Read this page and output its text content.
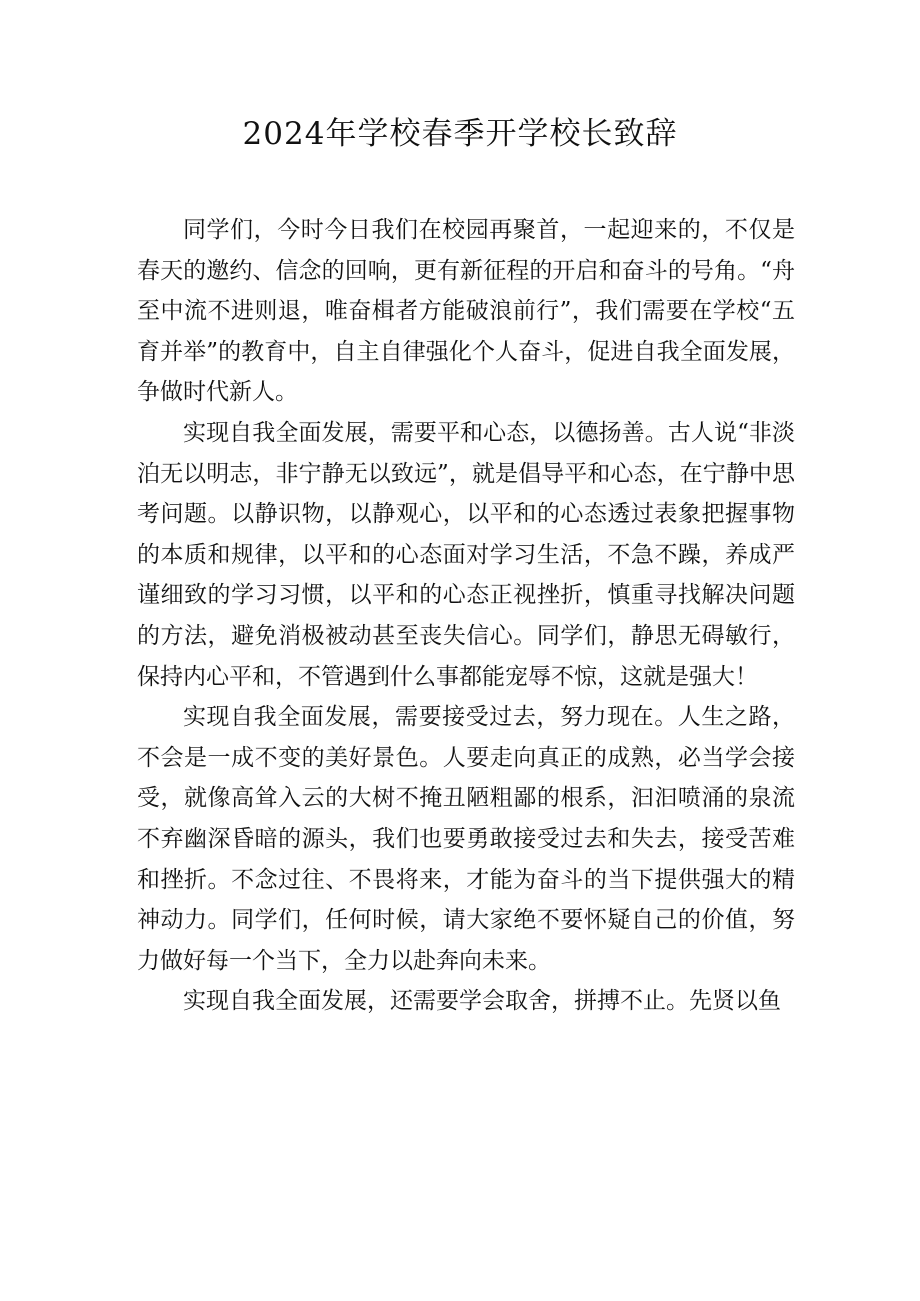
2024年学校春季开学校长致辞

同学们，今时今日我们在校园再聚首，一起迎来的，不仅是春天的邀约、信念的回响，更有新征程的开启和奋斗的号角。“舟至中流不进则退，唯奋楫者方能破浪前行”，我们需要在学校“五育并举”的教育中，自主自律强化个人奋斗，促进自我全面发展，争做时代新人。

实现自我全面发展，需要平和心态，以德扬善。古人说“非淡泊无以明志，非宁静无以致远”，就是倡导平和心态，在宁静中思考问题。以静识物，以静观心，以平和的心态透过表象把握事物的本质和规律，以平和的心态面对学习生活，不急不躁，养成严谨细致的学习习惯，以平和的心态正视挫折，慎重寻找解决问题的方法，避免消极被动甚至丧失信心。同学们，静思无碍敏行，保持内心平和，不管遇到什么事都能宠辱不惊，这就是强大！

实现自我全面发展，需要接受过去，努力现在。人生之路，不会是一成不变的美好景色。人要走向真正的成熟，必当学会接受，就像高耸入云的大树不掩丑陋粗鄙的根系，汩汩喷涌的泉流不弃幽深昏暗的源头，我们也要勇敢接受过去和失去，接受苦难和挫折。不念过往、不畏将来，才能为奋斗的当下提供强大的精神动力。同学们，任何时候，请大家绝不要怀疑自己的价值，努力做好每一个当下，全力以赴奔向未来。

实现自我全面发展，还需要学会取舍，拼搏不止。先贤以鱼
